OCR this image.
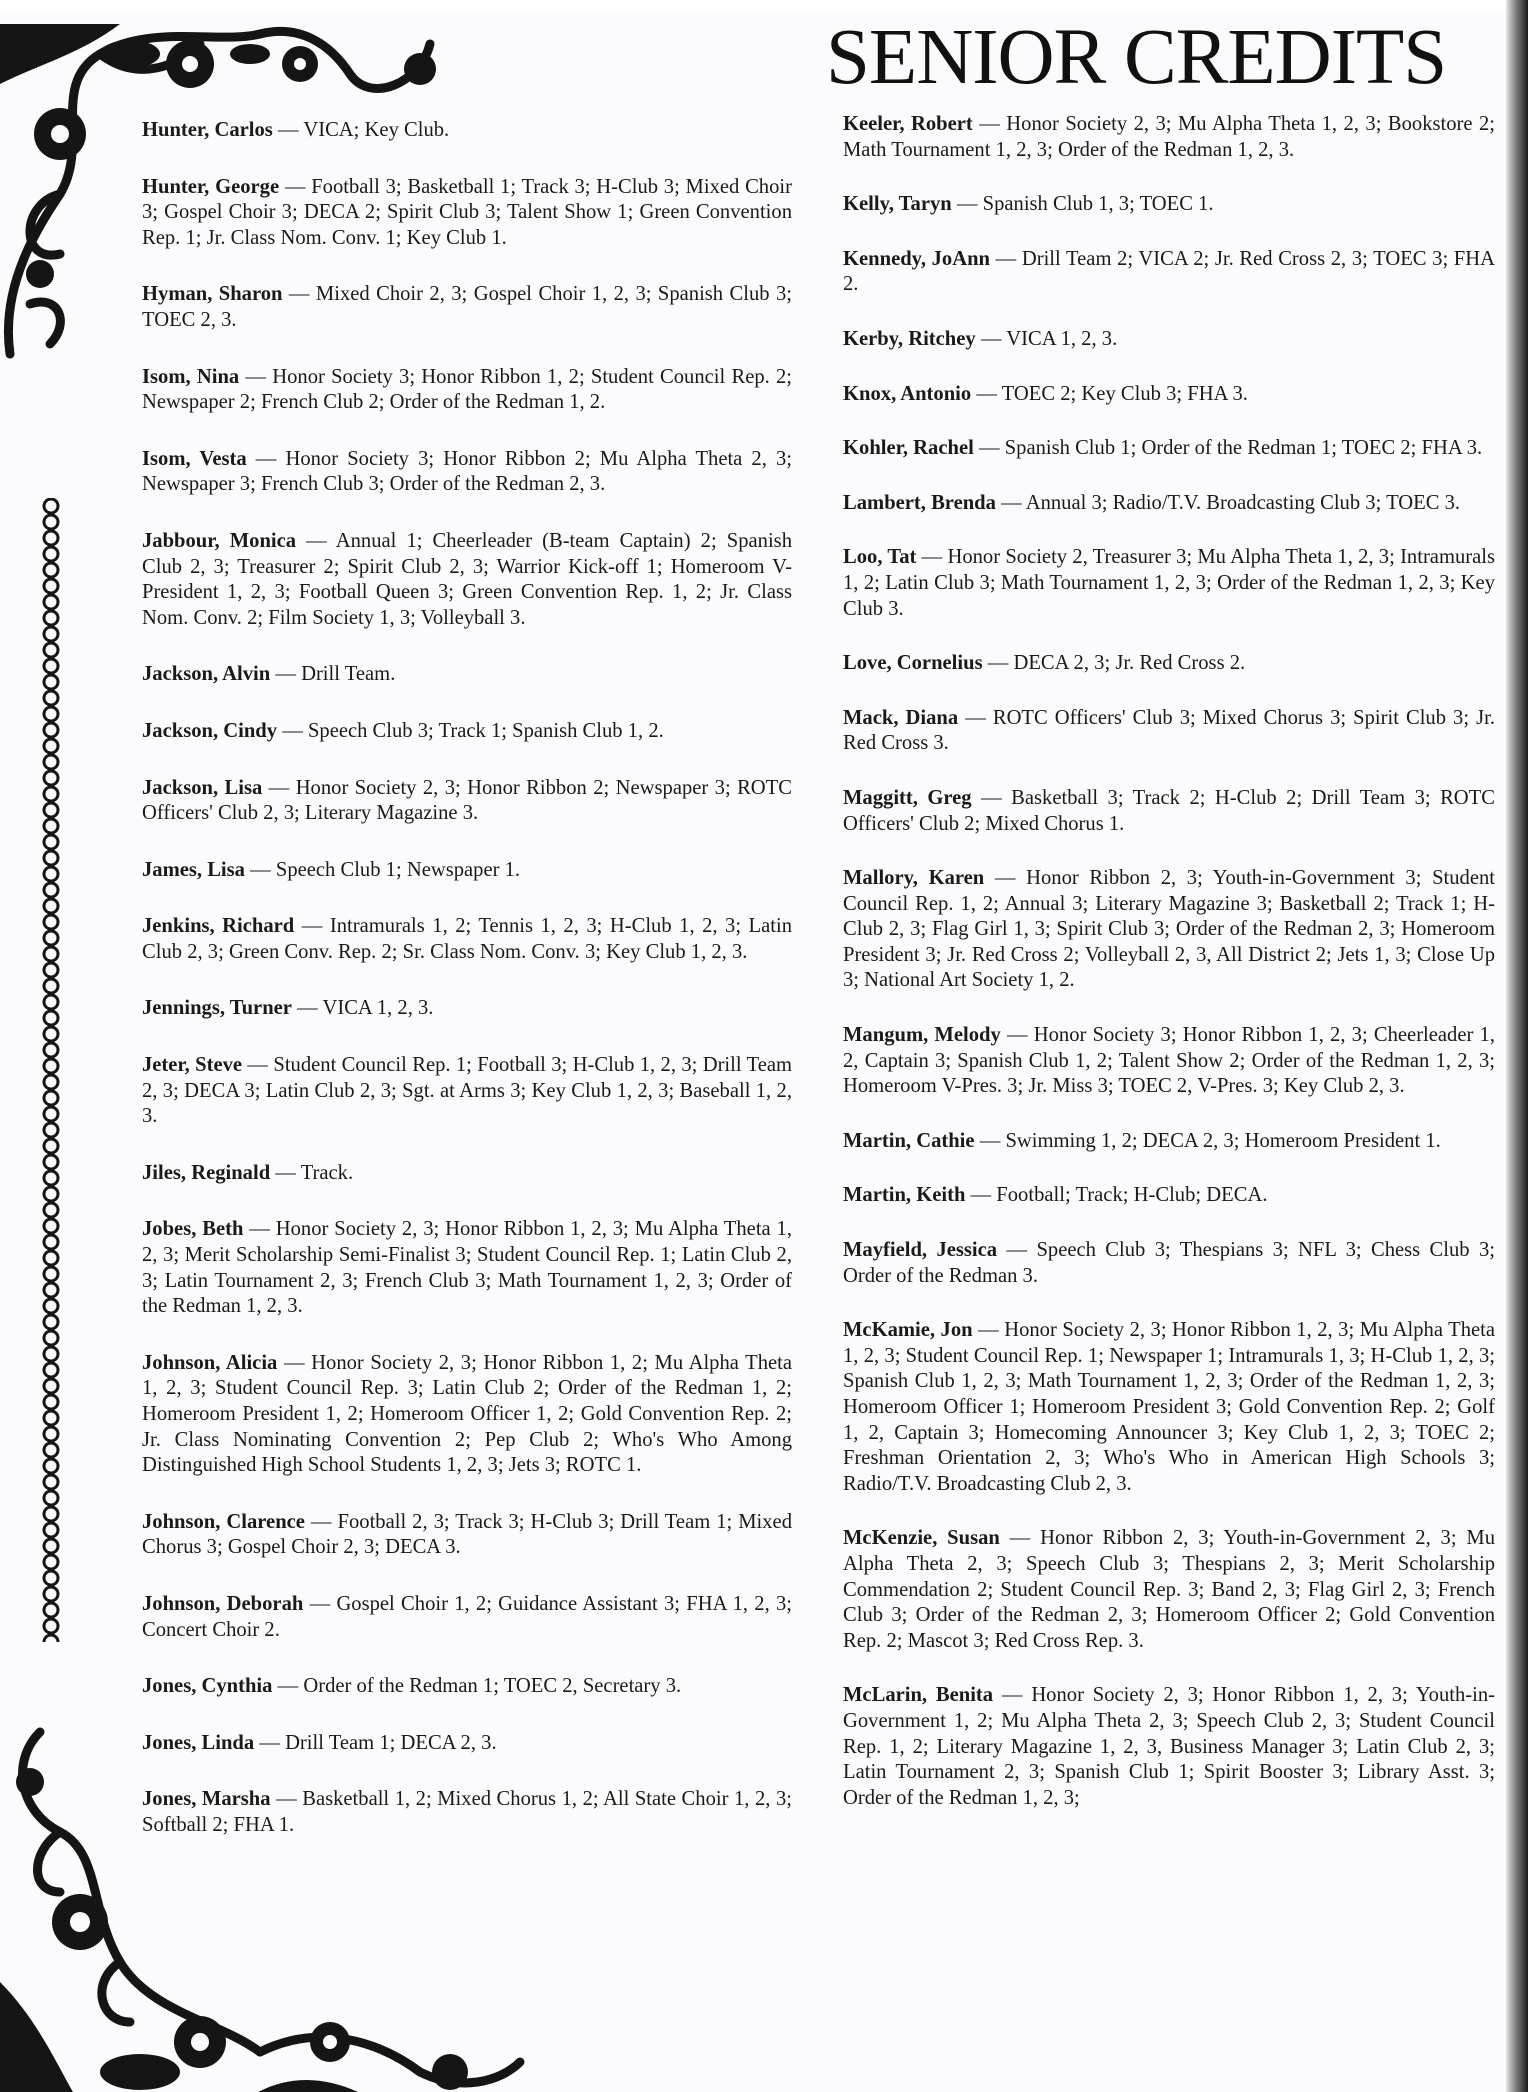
SENIOR CREDITS

Hunter, Carlos — VICA; Key Club.

Hunter, George — Football 3; Basketball 1; Track 3; H-Club 3; Mixed Choir 3; Gospel Choir 3; DECA 2; Spirit Club 3; Talent Show 1; Green Convention Rep. 1; Jr. Class Nom. Conv. 1; Key Club 1.

Hyman, Sharon — Mixed Choir 2, 3; Gospel Choir 1, 2, 3; Spanish Club 3; TOEC 2, 3.

Isom, Nina — Honor Society 3; Honor Ribbon 1, 2; Student Council Rep. 2; Newspaper 2; French Club 2; Order of the Redman 1, 2.

Isom, Vesta — Honor Society 3; Honor Ribbon 2; Mu Alpha Theta 2, 3; Newspaper 3; French Club 3; Order of the Redman 2, 3.

Jabbour, Monica — Annual 1; Cheerleader (B-team Captain) 2; Spanish Club 2, 3; Treasurer 2; Spirit Club 2, 3; Warrior Kick-off 1; Homeroom V-President 1, 2, 3; Football Queen 3; Green Convention Rep. 1, 2; Jr. Class Nom. Conv. 2; Film Society 1, 3; Volleyball 3.

Jackson, Alvin — Drill Team.

Jackson, Cindy — Speech Club 3; Track 1; Spanish Club 1, 2.

Jackson, Lisa — Honor Society 2, 3; Honor Ribbon 2; Newspaper 3; ROTC Officers' Club 2, 3; Literary Magazine 3.

James, Lisa — Speech Club 1; Newspaper 1.

Jenkins, Richard — Intramurals 1, 2; Tennis 1, 2, 3; H-Club 1, 2, 3; Latin Club 2, 3; Green Conv. Rep. 2; Sr. Class Nom. Conv. 3; Key Club 1, 2, 3.

Jennings, Turner — VICA 1, 2, 3.

Jeter, Steve — Student Council Rep. 1; Football 3; H-Club 1, 2, 3; Drill Team 2, 3; DECA 3; Latin Club 2, 3; Sgt. at Arms 3; Key Club 1, 2, 3; Baseball 1, 2, 3.

Jiles, Reginald — Track.

Jobes, Beth — Honor Society 2, 3; Honor Ribbon 1, 2, 3; Mu Alpha Theta 1, 2, 3; Merit Scholarship Semi-Finalist 3; Student Council Rep. 1; Latin Club 2, 3; Latin Tournament 2, 3; French Club 3; Math Tournament 1, 2, 3; Order of the Redman 1, 2, 3.

Johnson, Alicia — Honor Society 2, 3; Honor Ribbon 1, 2; Mu Alpha Theta 1, 2, 3; Student Council Rep. 3; Latin Club 2; Order of the Redman 1, 2; Homeroom President 1, 2; Homeroom Officer 1, 2; Gold Convention Rep. 2; Jr. Class Nominating Convention 2; Pep Club 2; Who's Who Among Distinguished High School Students 1, 2, 3; Jets 3; ROTC 1.

Johnson, Clarence — Football 2, 3; Track 3; H-Club 3; Drill Team 1; Mixed Chorus 3; Gospel Choir 2, 3; DECA 3.

Johnson, Deborah — Gospel Choir 1, 2; Guidance Assistant 3; FHA 1, 2, 3; Concert Choir 2.

Jones, Cynthia — Order of the Redman 1; TOEC 2, Secretary 3.

Jones, Linda — Drill Team 1; DECA 2, 3.

Jones, Marsha — Basketball 1, 2; Mixed Chorus 1, 2; All State Choir 1, 2, 3; Softball 2; FHA 1.

Keeler, Robert — Honor Society 2, 3; Mu Alpha Theta 1, 2, 3; Bookstore 2; Math Tournament 1, 2, 3; Order of the Redman 1, 2, 3.

Kelly, Taryn — Spanish Club 1, 3; TOEC 1.

Kennedy, JoAnn — Drill Team 2; VICA 2; Jr. Red Cross 2, 3; TOEC 3; FHA 2.

Kerby, Ritchey — VICA 1, 2, 3.

Knox, Antonio — TOEC 2; Key Club 3; FHA 3.

Kohler, Rachel — Spanish Club 1; Order of the Redman 1; TOEC 2; FHA 3.

Lambert, Brenda — Annual 3; Radio/T.V. Broadcasting Club 3; TOEC 3.

Loo, Tat — Honor Society 2, Treasurer 3; Mu Alpha Theta 1, 2, 3; Intramurals 1, 2; Latin Club 3; Math Tournament 1, 2, 3; Order of the Redman 1, 2, 3; Key Club 3.

Love, Cornelius — DECA 2, 3; Jr. Red Cross 2.

Mack, Diana — ROTC Officers' Club 3; Mixed Chorus 3; Spirit Club 3; Jr. Red Cross 3.

Maggitt, Greg — Basketball 3; Track 2; H-Club 2; Drill Team 3; ROTC Officers' Club 2; Mixed Chorus 1.

Mallory, Karen — Honor Ribbon 2, 3; Youth-in-Government 3; Student Council Rep. 1, 2; Annual 3; Literary Magazine 3; Basketball 2; Track 1; H-Club 2, 3; Flag Girl 1, 3; Spirit Club 3; Order of the Redman 2, 3; Homeroom President 3; Jr. Red Cross 2; Volleyball 2, 3, All District 2; Jets 1, 3; Close Up 3; National Art Society 1, 2.

Mangum, Melody — Honor Society 3; Honor Ribbon 1, 2, 3; Cheerleader 1, 2, Captain 3; Spanish Club 1, 2; Talent Show 2; Order of the Redman 1, 2, 3; Homeroom V-Pres. 3; Jr. Miss 3; TOEC 2, V-Pres. 3; Key Club 2, 3.

Martin, Cathie — Swimming 1, 2; DECA 2, 3; Homeroom President 1.

Martin, Keith — Football; Track; H-Club; DECA.

Mayfield, Jessica — Speech Club 3; Thespians 3; NFL 3; Chess Club 3; Order of the Redman 3.

McKamie, Jon — Honor Society 2, 3; Honor Ribbon 1, 2, 3; Mu Alpha Theta 1, 2, 3; Student Council Rep. 1; Newspaper 1; Intramurals 1, 3; H-Club 1, 2, 3; Spanish Club 1, 2, 3; Math Tournament 1, 2, 3; Order of the Redman 1, 2, 3; Homeroom Officer 1; Homeroom President 3; Gold Convention Rep. 2; Golf 1, 2, Captain 3; Homecoming Announcer 3; Key Club 1, 2, 3; TOEC 2; Freshman Orientation 2, 3; Who's Who in American High Schools 3; Radio/T.V. Broadcasting Club 2, 3.

McKenzie, Susan — Honor Ribbon 2, 3; Youth-in-Government 2, 3; Mu Alpha Theta 2, 3; Speech Club 3; Thespians 2, 3; Merit Scholarship Commendation 2; Student Council Rep. 3; Band 2, 3; Flag Girl 2, 3; French Club 3; Order of the Redman 2, 3; Homeroom Officer 2; Gold Convention Rep. 2; Mascot 3; Red Cross Rep. 3.

McLarin, Benita — Honor Society 2, 3; Honor Ribbon 1, 2, 3; Youth-in-Government 1, 2; Mu Alpha Theta 2, 3; Speech Club 2, 3; Student Council Rep. 1, 2; Literary Magazine 1, 2, 3, Business Manager 3; Latin Club 2, 3; Latin Tournament 2, 3; Spanish Club 1; Spirit Booster 3; Library Asst. 3; Order of the Redman 1, 2, 3;
